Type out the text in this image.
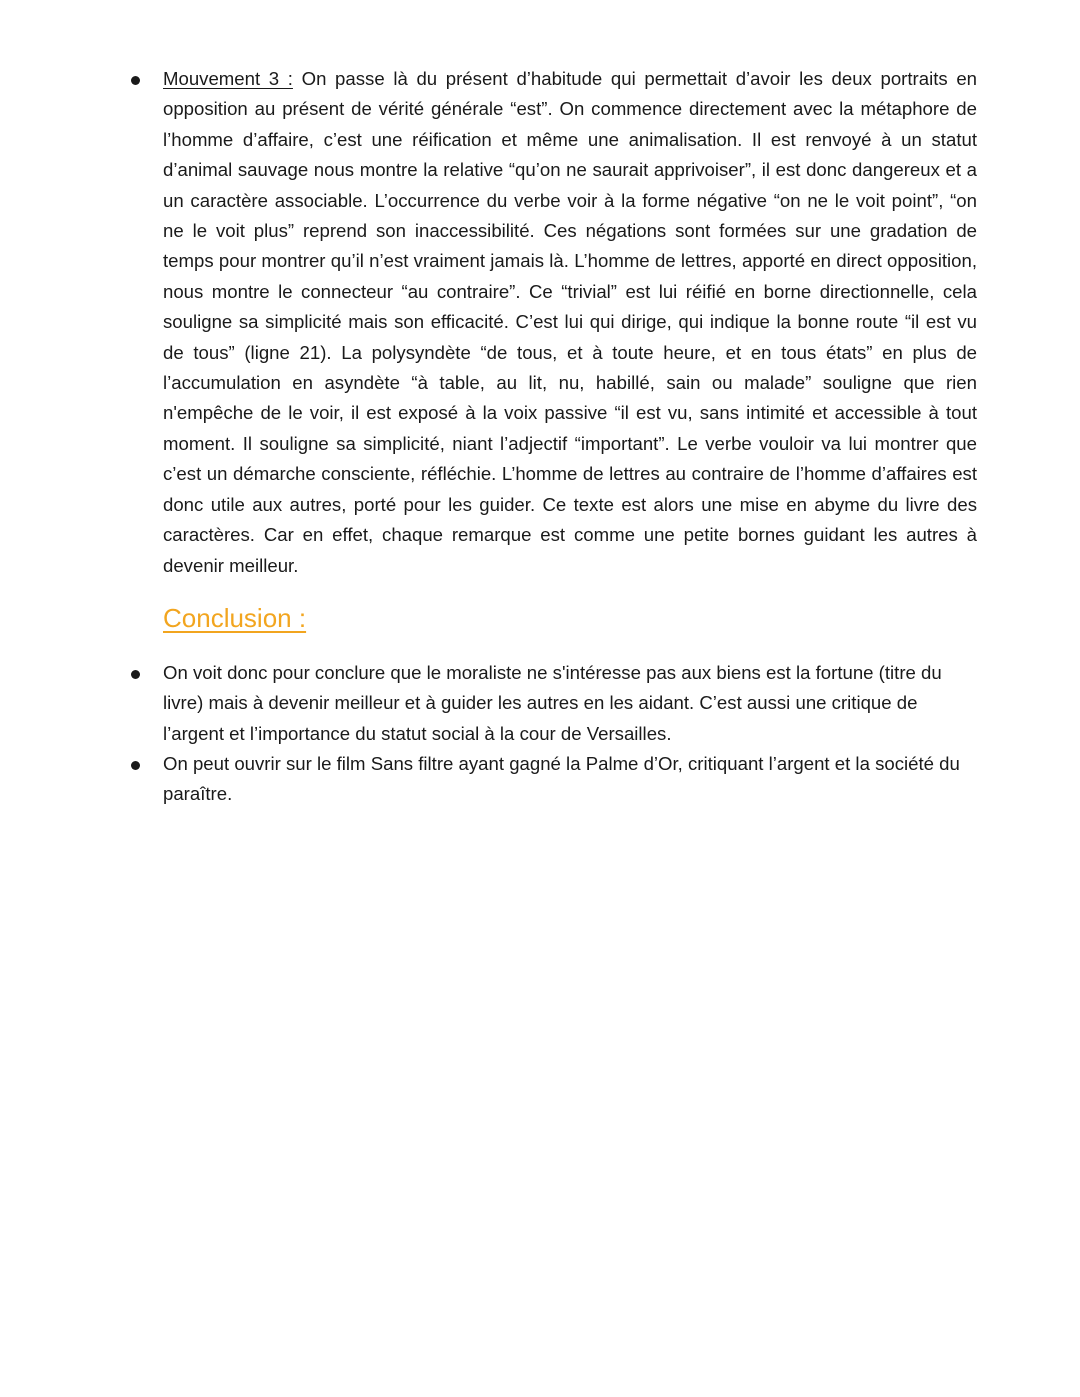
Mouvement 3 : On passe là du présent d’habitude qui permettait d’avoir les deux portraits en opposition au présent de vérité générale “est”. On commence directement avec la métaphore de l’homme d’affaire, c’est une réification et même une animalisation. Il est renvoyé à un statut d’animal sauvage nous montre la relative “qu’on ne saurait apprivoiser”, il est donc dangereux et a un caractère associable. L’occurrence du verbe voir à la forme négative “on ne le voit point”, “on ne le voit plus” reprend son inaccessibilité. Ces négations sont formées sur une gradation de temps pour montrer qu’il n’est vraiment jamais là. L’homme de lettres, apporté en direct opposition, nous montre le connecteur “au contraire”. Ce “trivial” est lui réifié en borne directionnelle, cela souligne sa simplicité mais son efficacité. C’est lui qui dirige, qui indique la bonne route “il est vu de tous” (ligne 21). La polysyndète “de tous, et à toute heure, et en tous états” en plus de l’accumulation en asyndète “à table, au lit, nu, habillé, sain ou malade” souligne que rien n'empêche de le voir, il est exposé à la voix passive “il est vu, sans intimité et accessible à tout moment. Il souligne sa simplicité, niant l’adjectif “important”. Le verbe vouloir va lui montrer que c’est un démarche consciente, réfléchie. L’homme de lettres au contraire de l’homme d’affaires est donc utile aux autres, porté pour les guider. Ce texte est alors une mise en abyme du livre des caractères. Car en effet, chaque remarque est comme une petite bornes guidant les autres à devenir meilleur.

Conclusion :

On voit donc pour conclure que le moraliste ne s'intéresse pas aux biens est la fortune (titre du livre) mais à devenir meilleur et à guider les autres en les aidant. C’est aussi une critique de l’argent et l’importance du statut social à la cour de Versailles.

On peut ouvrir sur le film Sans filtre ayant gagné la Palme d’Or, critiquant l’argent et la société du paraître.
